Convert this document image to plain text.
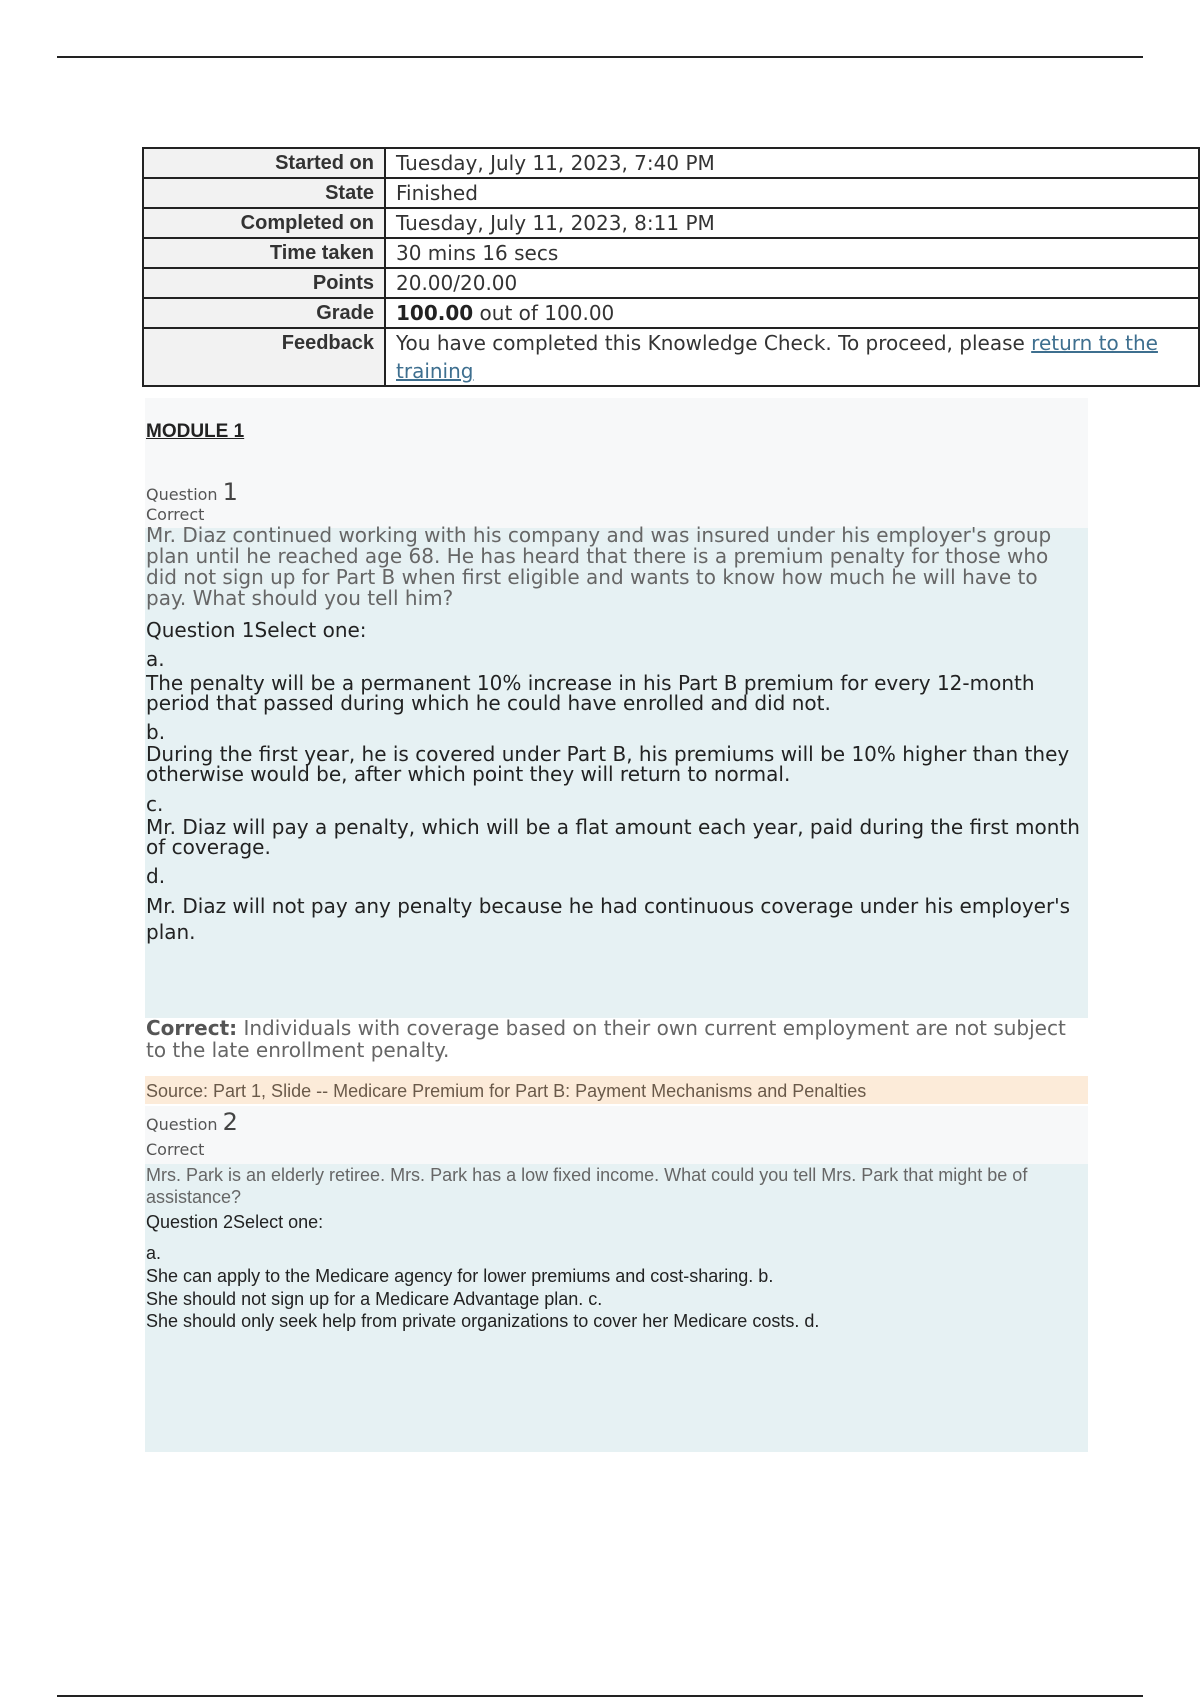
Started on	Tuesday, July 11, 2023, 7:40 PM
State	Finished
Completed on	Tuesday, July 11, 2023, 8:11 PM
Time taken	30 mins 16 secs
Points	20.00/20.00
Grade	100.00 out of 100.00
Feedback	You have completed this Knowledge Check. To proceed, please return to the training
MODULE 1
Question 1
Correct
Mr. Diaz continued working with his company and was insured under his employer's group plan until he reached age 68. He has heard that there is a premium penalty for those who did not sign up for Part B when first eligible and wants to know how much he will have to pay. What should you tell him?
Question 1Select one:
a.
The penalty will be a permanent 10% increase in his Part B premium for every 12-month period that passed during which he could have enrolled and did not.
b.
During the first year, he is covered under Part B, his premiums will be 10% higher than they otherwise would be, after which point they will return to normal.
c.
Mr. Diaz will pay a penalty, which will be a flat amount each year, paid during the first month of coverage.
d.
Mr. Diaz will not pay any penalty because he had continuous coverage under his employer's plan.
Correct: Individuals with coverage based on their own current employment are not subject to the late enrollment penalty.
Source: Part 1, Slide -- Medicare Premium for Part B: Payment Mechanisms and Penalties
Question 2
Correct
Mrs. Park is an elderly retiree. Mrs. Park has a low fixed income. What could you tell Mrs. Park that might be of assistance?
Question 2Select one:
a.
She can apply to the Medicare agency for lower premiums and cost-sharing. b.
She should not sign up for a Medicare Advantage plan. c.
She should only seek help from private organizations to cover her Medicare costs. d.
